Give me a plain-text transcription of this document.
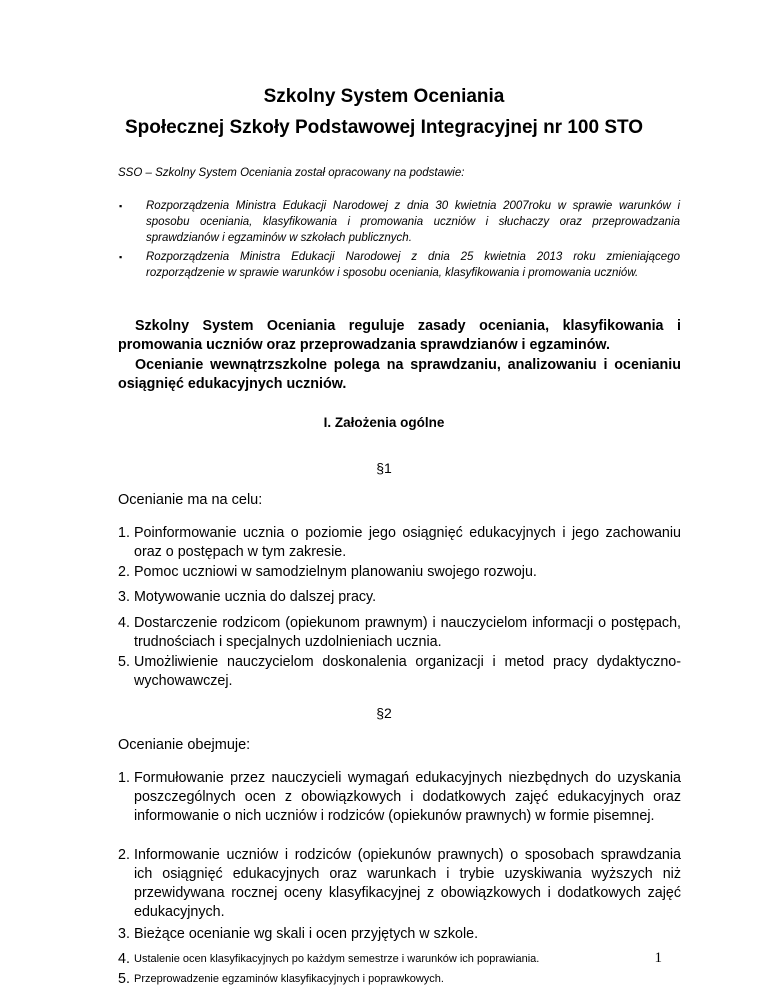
Szkolny System Oceniania
Społecznej Szkoły Podstawowej Integracyjnej nr 100 STO
SSO – Szkolny System Oceniania został opracowany na podstawie:
▪ Rozporządzenia Ministra Edukacji Narodowej z dnia 30 kwietnia 2007roku w sprawie warunków i sposobu oceniania, klasyfikowania i promowania uczniów i słuchaczy oraz przeprowadzania sprawdzianów i egzaminów w szkołach publicznych.
▪ Rozporządzenia Ministra Edukacji Narodowej z dnia 25 kwietnia 2013 roku zmieniającego rozporządzenie w sprawie warunków i sposobu oceniania, klasyfikowania i promowania uczniów.
Szkolny System Oceniania reguluje zasady oceniania, klasyfikowania i promowania uczniów oraz przeprowadzania sprawdzianów i egzaminów.
Ocenianie wewnątrzszkolne polega na sprawdzaniu, analizowaniu i ocenianiu osiągnięć edukacyjnych uczniów.
I. Założenia ogólne
§1
Ocenianie ma na celu:
1. Poinformowanie ucznia o poziomie jego osiągnięć edukacyjnych i jego zachowaniu oraz o postępach w tym zakresie.
2. Pomoc uczniowi w samodzielnym planowaniu swojego rozwoju.
3. Motywowanie ucznia do dalszej pracy.
4. Dostarczenie rodzicom (opiekunom prawnym) i nauczycielom informacji o postępach, trudnościach i specjalnych uzdolnieniach ucznia.
5. Umożliwienie nauczycielom doskonalenia organizacji i metod pracy dydaktyczno-wychowawczej.
§2
Ocenianie obejmuje:
1. Formułowanie przez nauczycieli wymagań edukacyjnych niezbędnych do uzyskania poszczególnych ocen z obowiązkowych i dodatkowych zajęć edukacyjnych oraz informowanie o nich uczniów i rodziców (opiekunów prawnych) w formie pisemnej.
2. Informowanie uczniów i rodziców (opiekunów prawnych) o sposobach sprawdzania ich osiągnięć edukacyjnych oraz warunkach i trybie uzyskiwania wyższych niż przewidywana rocznej oceny klasyfikacyjnej z obowiązkowych i dodatkowych zajęć edukacyjnych.
3. Bieżące ocenianie wg skali i ocen przyjętych w szkole.
4. Ustalenie ocen klasyfikacyjnych po każdym semestrze i warunków ich poprawiania.
5. Przeprowadzenie egzaminów klasyfikacyjnych i poprawkowych.
1
